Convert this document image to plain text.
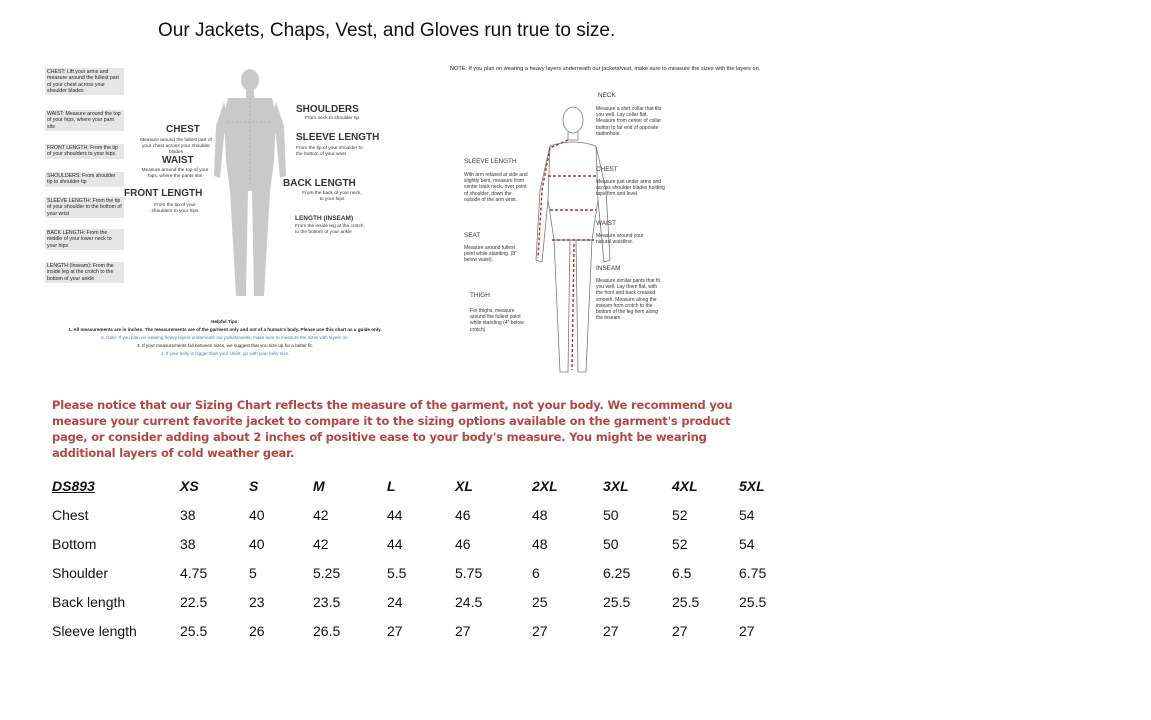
Our Jackets, Chaps, Vest, and Gloves run true to size.
CHEST: Lift your arms and measure around the fullest part of your chest across your shoulder blades
WAIST: Measure around the top of your hips, where your pant sits
FRONT LENGTH: From the tip of your shoulders to your hips
SHOULDERS: From shoulder tip to shoulder tip
SLEEVE LENGTH: From the tip of your shoulder to the bottom of your wrist
BACK LENGTH: From the middle of your lower neck to your hips
LENGTH (Inseam): From the inside leg at the crotch to the bottom of your ankle
CHEST
Measure around the fullest part of your chest across your shoulder blades
WAIST
Measure around the top of your hips, where the pants sits
FRONT LENGTH
From the tip of your shoulders to your hips
SHOULDERS
From neck to shoulder tip
SLEEVE LENGTH
From the tip of your shoulder to the bottom of your wrist
BACK LENGTH
From the back of your neck, to your hips
LENGTH (INSEAM)
From the inside leg at the crotch to the bottom of your ankle
Helpful Tips:
1. All measurements are in inches. The measurements are of the garment only and not of a human's body. Please use this chart as a guide only.
2. Note: If you plan on wearing heavy layers underneath our jackets/vests, make sure to measure the sizes with layers on.
3. If your measurements fall between sizes, we suggest that you size up for a better fit.
4. If your belly is bigger than your chest, go with your belly size.
NOTE: If you plan on wearing a heavy layers underneath our jackets/vest, make sure to measure the sizes with the layers on.
NECK
Measure a shirt collar that fits you well. Lay collar flat. Measure from center of collar button to far end of opposite buttonhole.
CHEST
Measure just under arms and across shoulder blades holding tape firm and level.
WAIST
Measure around your natural waistline.
INSEAM
Measure similar pants that fit you well. Lay them flat, with the front and back creased smooth. Measure along the inseam from crotch to the bottom of the leg hem along the inseam.
SLEEVE LENGTH
With arm relaxed at side and slightly bent, measure from center back neck, over point of shoulder, down the outside of the arm wrist.
SEAT
Measure around fullest point while standing. (8" below waist).
THIGH
For thighs, measure around the fullest point while standing (4" below crotch)
Please notice that our Sizing Chart reflects the measure of the garment, not your body. We recommend you measure your current favorite jacket to compare it to the sizing options available on the garment's product page, or consider adding about 2 inches of positive ease to your body's measure. You might be wearing additional layers of cold weather gear.
DS893	XS	S	M	L	XL	2XL	3XL	4XL	5XL
Chest	38	40	42	44	46	48	50	52	54
Bottom	38	40	42	44	46	48	50	52	54
Shoulder	4.75	5	5.25	5.5	5.75	6	6.25	6.5	6.75
Back length	22.5	23	23.5	24	24.5	25	25.5	25.5	25.5
Sleeve length	25.5	26	26.5	27	27	27	27	27	27
